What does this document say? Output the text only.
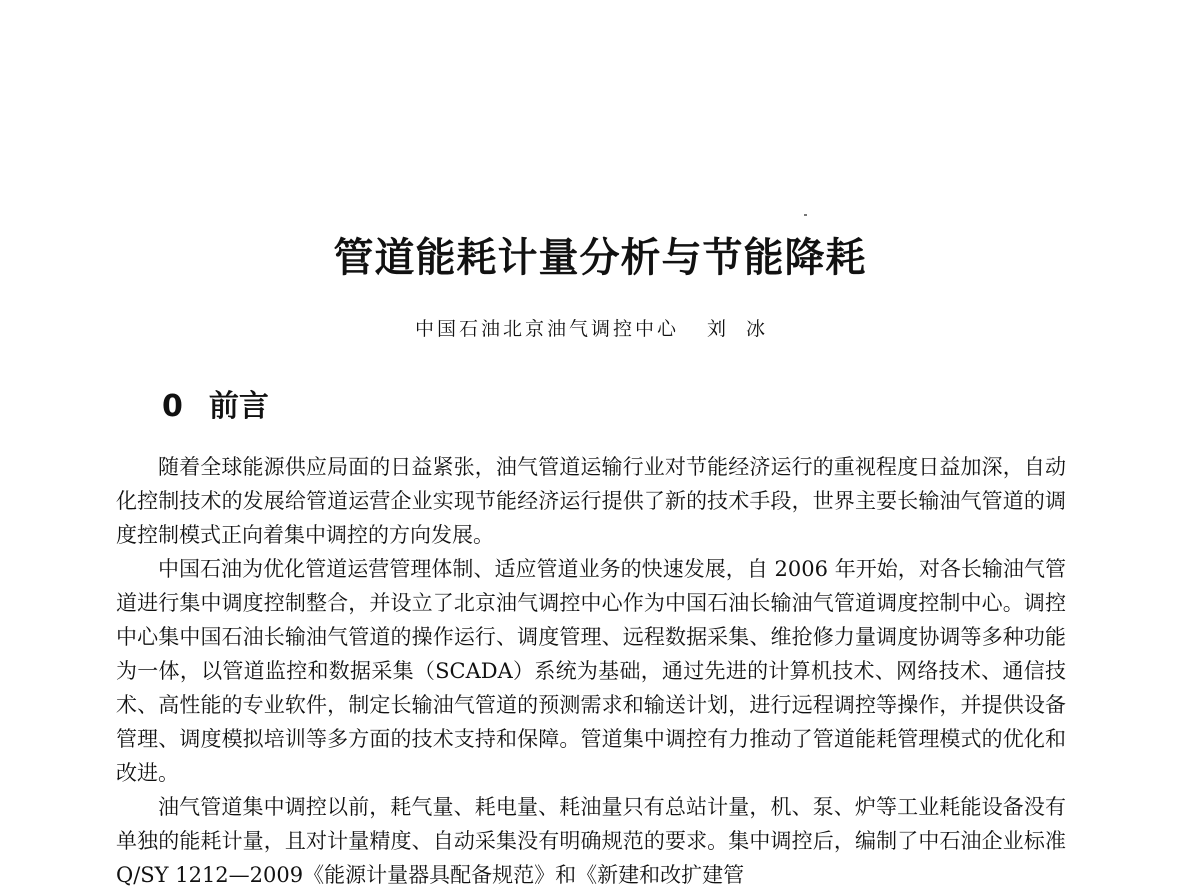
管道能耗计量分析与节能降耗
中国石油北京油气调控中心 刘冰
0 前言

随着全球能源供应局面的日益紧张，油气管道运输行业对节能经济运行的重视程度日益加深，自动化控制技术的发展给管道运营企业实现节能经济运行提供了新的技术手段，世界主要长输油气管道的调度控制模式正向着集中调控的方向发展。

中国石油为优化管道运营管理体制、适应管道业务的快速发展，自 2006 年开始，对各长输油气管道进行集中调度控制整合，并设立了北京油气调控中心作为中国石油长输油气管道调度控制中心。调控中心集中国石油长输油气管道的操作运行、调度管理、远程数据采集、维抢修力量调度协调等多种功能为一体，以管道监控和数据采集（SCADA）系统为基础，通过先进的计算机技术、网络技术、通信技术、高性能的专业软件，制定长输油气管道的预测需求和输送计划，进行远程调控等操作，并提供设备管理、调度模拟培训等多方面的技术支持和保障。管道集中调控有力推动了管道能耗管理模式的优化和改进。

油气管道集中调控以前，耗气量、耗电量、耗油量只有总站计量，机、泵、炉等工业耗能设备没有单独的能耗计量，且对计量精度、自动采集没有明确规范的要求。集中调控后，编制了中石油企业标准 Q/SY 1212—2009《能源计量器具配备规范》和《新建和改扩建管
